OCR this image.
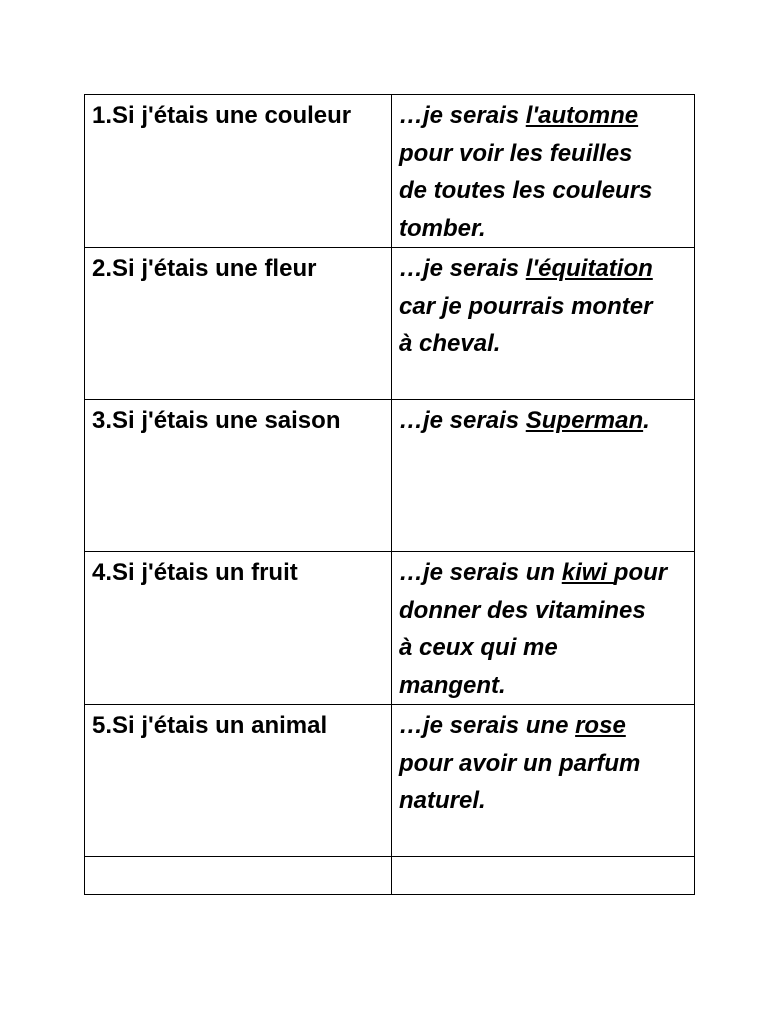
1.Si j'étais une couleur	…je serais l'automne
pour voir les feuilles
de toutes les couleurs
tomber.

2.Si j'étais une fleur	…je serais l'équitation
car je pourrais monter
à cheval.

3.Si j'étais une saison	…je serais Superman.

4.Si j'étais un fruit	…je serais un kiwi pour
donner des vitamines
à ceux qui me
mangent.

5.Si j'étais un animal	…je serais une rose
pour avoir un parfum
naturel.
